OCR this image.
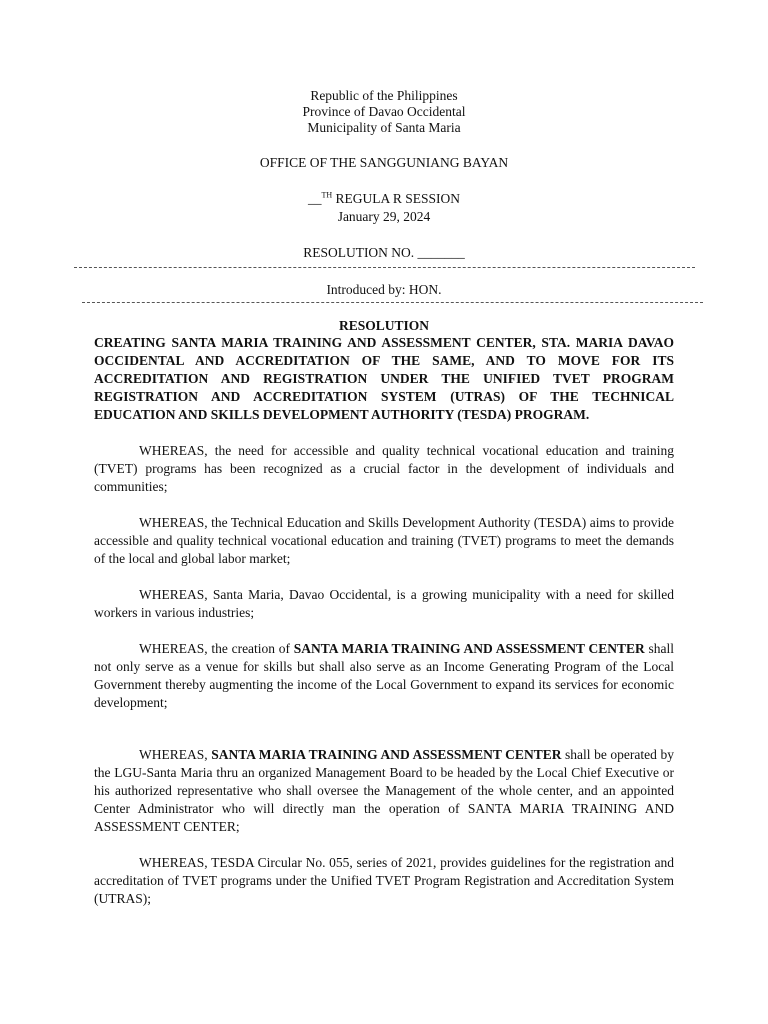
Republic of the Philippines
Province of Davao Occidental
Municipality of Santa Maria
OFFICE OF THE SANGGUNIANG BAYAN
__$^{TH}$ REGULA R SESSION
January 29, 2024
RESOLUTION NO. _______
Introduced by: HON.
RESOLUTION
CREATING SANTA MARIA TRAINING AND ASSESSMENT CENTER, STA. MARIA DAVAO OCCIDENTAL AND ACCREDITATION OF THE SAME, AND TO MOVE FOR ITS ACCREDITATION AND REGISTRATION UNDER THE UNIFIED TVET PROGRAM REGISTRATION AND ACCREDITATION SYSTEM (UTRAS) OF THE TECHNICAL EDUCATION AND SKILLS DEVELOPMENT AUTHORITY (TESDA) PROGRAM.

WHEREAS, the need for accessible and quality technical vocational education and training (TVET) programs has been recognized as a crucial factor in the development of individuals and communities;

WHEREAS, the Technical Education and Skills Development Authority (TESDA) aims to provide accessible and quality technical vocational education and training (TVET) programs to meet the demands of the local and global labor market;

WHEREAS, Santa Maria, Davao Occidental, is a growing municipality with a need for skilled workers in various industries;

WHEREAS, the creation of SANTA MARIA TRAINING AND ASSESSMENT CENTER shall not only serve as a venue for skills but shall also serve as an Income Generating Program of the Local Government thereby augmenting the income of the Local Government to expand its services for economic development;

WHEREAS, SANTA MARIA TRAINING AND ASSESSMENT CENTER shall be operated by the LGU-Santa Maria thru an organized Management Board to be headed by the Local Chief Executive or his authorized representative who shall oversee the Management of the whole center, and an appointed Center Administrator who will directly man the operation of SANTA MARIA TRAINING AND ASSESSMENT CENTER;

WHEREAS, TESDA Circular No. 055, series of 2021, provides guidelines for the registration and accreditation of TVET programs under the Unified TVET Program Registration and Accreditation System (UTRAS);
